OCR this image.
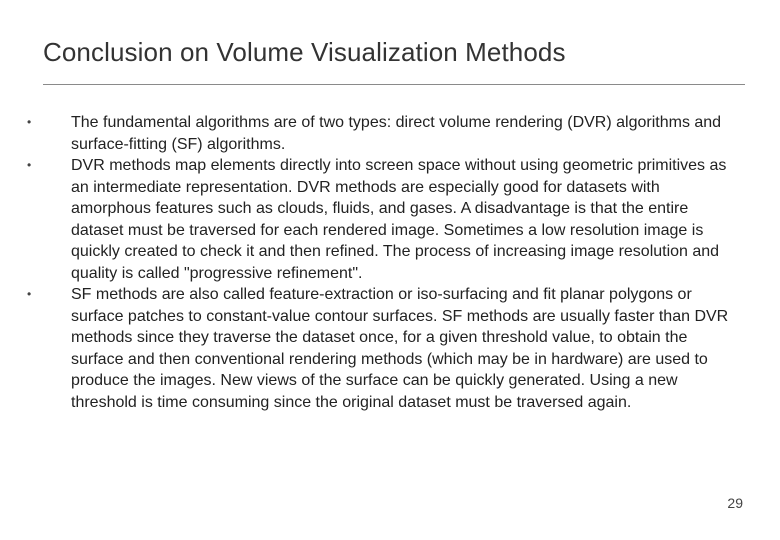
Conclusion on Volume Visualization Methods
•	The fundamental algorithms are of two types: direct volume rendering (DVR) algorithms and surface-fitting (SF) algorithms.
•	DVR methods map elements directly into screen space without using geometric primitives as an intermediate representation. DVR methods are especially good for datasets with amorphous features such as clouds, fluids, and gases. A disadvantage is that the entire dataset must be traversed for each rendered image. Sometimes a low resolution image is quickly created to check it and then refined. The process of increasing image resolution and quality is called "progressive refinement".
•	SF methods are also called feature-extraction or iso-surfacing and fit planar polygons or surface patches to constant-value contour surfaces. SF methods are usually faster than DVR methods since they traverse the dataset once, for a given threshold value, to obtain the surface and then conventional rendering methods (which may be in hardware) are used to produce the images. New views of the surface can be quickly generated. Using a new threshold is time consuming since the original dataset must be traversed again.
29
